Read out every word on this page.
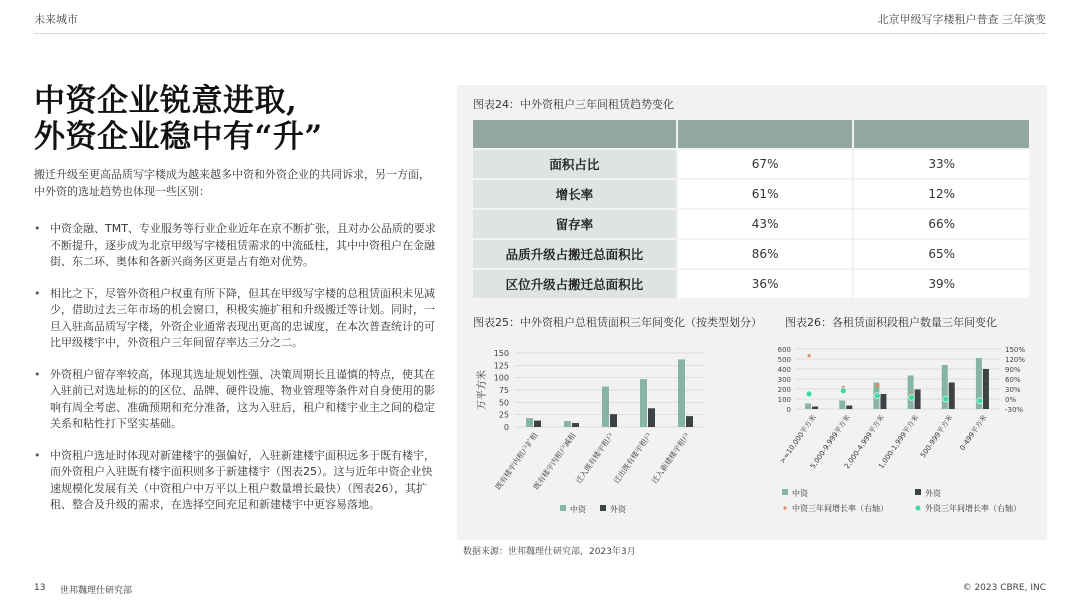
未来城市	北京甲级写字楼租户普查 三年演变
中资企业锐意进取,
外资企业稳中有“升”
搬迁升级至更高品质写字楼成为越来越多中资和外资企业的共同诉求，另一方面，中外资的选址趋势也体现一些区别：
• 中资金融、TMT、专业服务等行业企业近年在京不断扩张，且对办公品质的要求不断提升，逐步成为北京甲级写字楼租赁需求的中流砥柱，其中中资租户在金融街、东二环、奥体和各新兴商务区更是占有绝对优势。
• 相比之下，尽管外资租户权重有所下降，但其在甲级写字楼的总租赁面积未见减少，借助过去三年市场的机会窗口，积极实施扩租和升级搬迁等计划。同时，一旦入驻高品质写字楼，外资企业通常表现出更高的忠诚度，在本次普查统计的可比甲级楼宇中，外资租户三年间留存率达三分之二。
• 外资租户留存率较高，体现其选址规划性强、决策周期长且谨慎的特点，使其在入驻前已对选址标的的区位、品牌、硬件设施、物业管理等条件对自身使用的影响有周全考虑、准确预期和充分准备，这为入驻后，租户和楼宇业主之间的稳定关系和粘性打下坚实基础。
• 中资租户选址时体现对新建楼宇的强偏好，入驻新建楼宇面积远多于既有楼宇，而外资租户入驻既有楼宇面积则多于新建楼宇（图表25）。这与近年中资企业快速规模化发展有关（中资租户中万平以上租户数量增长最快）（图表26），其扩租、整合及升级的需求，在选择空间充足和新建楼宇中更容易落地。
图表24：中外资租户三年间租赁趋势变化

面积占比	67%	33%
增长率	61%	12%
留存率	43%	66%
品质升级占搬迁总面积比	86%	65%
区位升级占搬迁总面积比	36%	39%
图表25：中外资租户总租赁面积三年间变化（按类型划分） 图表26：各租赁面积段租户数量三年间变化
0
25
50
75
100
125
150
万平方米
既有楼宇内租户扩租
既有楼宇内租户减租
迁入既有楼宇租户
迁出既有楼宇租户
迁入新建楼宇租户
中资	外资
0
100
200
300
400
500
600
-30%
0%
30%
60%
90%
120%
150%
>=10,000平方米
5,000-9,999平方米
2,000-4,999平方米
1,000-1,999平方米
500-999平方米 0-499平方米
中资	外资
中资三年间增长率（右轴）	外资三年间增长率（右轴）
数据来源：世邦魏理仕研究部，2023年3月
13 世邦魏理仕研究部	© 2023 CBRE, INC
